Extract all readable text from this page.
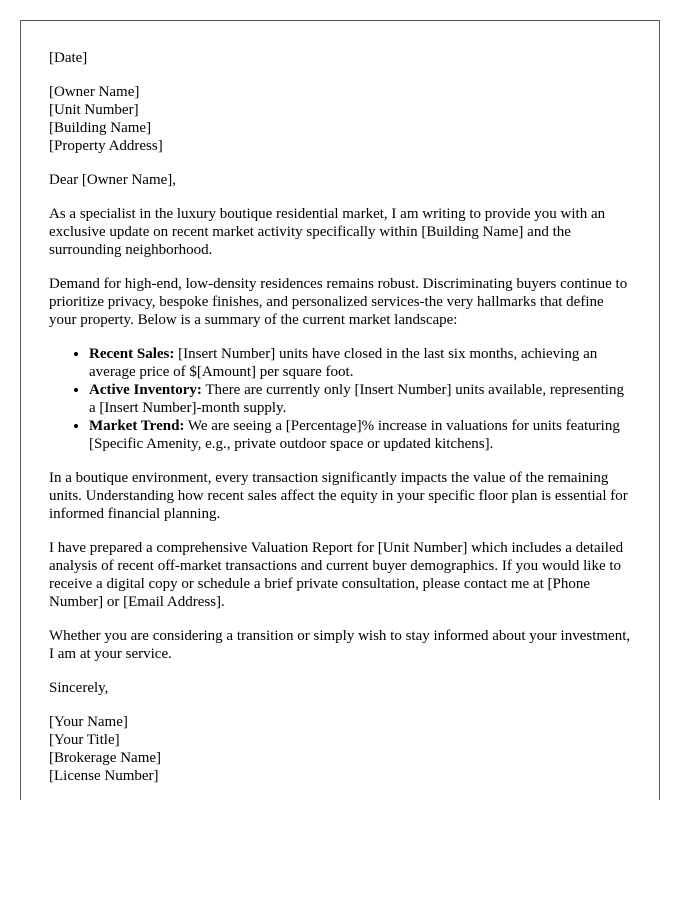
[Date]
[Owner Name]
[Unit Number]
[Building Name]
[Property Address]

Dear [Owner Name],

As a specialist in the luxury boutique residential market, I am writing to provide you with an exclusive update on recent market activity specifically within [Building Name] and the surrounding neighborhood.

Demand for high-end, low-density residences remains robust. Discriminating buyers continue to prioritize privacy, bespoke finishes, and personalized services-the very hallmarks that define your property. Below is a summary of the current market landscape:

• Recent Sales: [Insert Number] units have closed in the last six months, achieving an average price of $[Amount] per square foot.
• Active Inventory: There are currently only [Insert Number] units available, representing a [Insert Number]-month supply.
• Market Trend: We are seeing a [Percentage]% increase in valuations for units featuring [Specific Amenity, e.g., private outdoor space or updated kitchens].

In a boutique environment, every transaction significantly impacts the value of the remaining units. Understanding how recent sales affect the equity in your specific floor plan is essential for informed financial planning.

I have prepared a comprehensive Valuation Report for [Unit Number] which includes a detailed analysis of recent off-market transactions and current buyer demographics. If you would like to receive a digital copy or schedule a brief private consultation, please contact me at [Phone Number] or [Email Address].

Whether you are considering a transition or simply wish to stay informed about your investment, I am at your service.

Sincerely,

[Your Name]
[Your Title]
[Brokerage Name]
[License Number]
